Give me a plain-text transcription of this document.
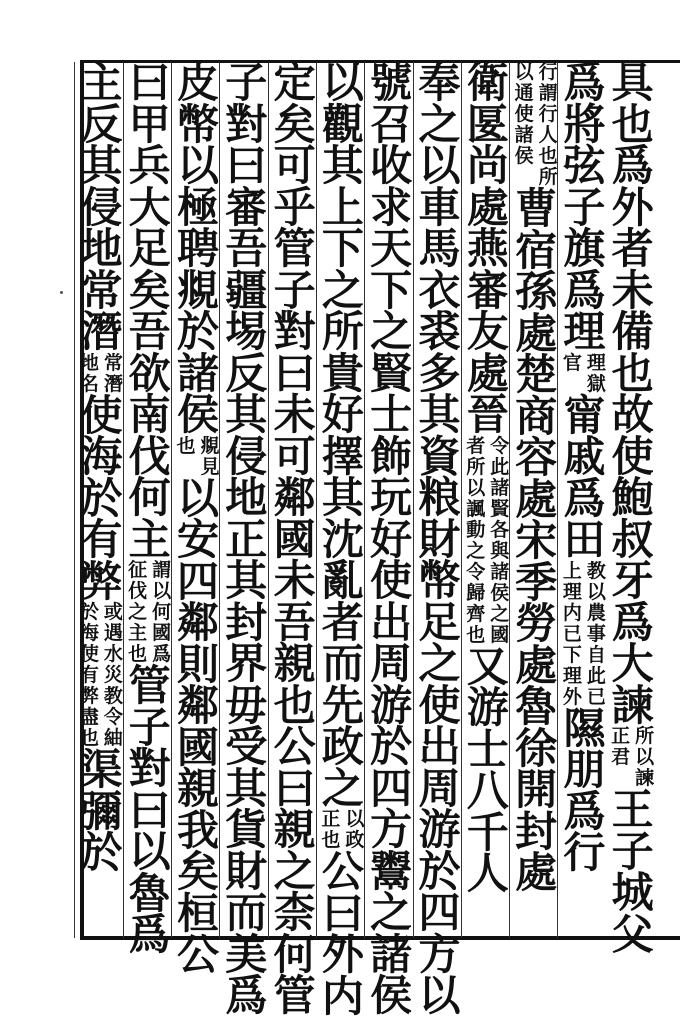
具
也
爲
外
者
未
備
也
故
使
鮑
叔
牙
爲
大
諫
所
以
諫
正
君
王
子
城
父
爲
將
弦
子
旗
爲
理
理
獄
官
甯
戚
爲
田
教
以
農
事
自
此
已
上
理
内
已
下
理
外
隰
朋
爲
行
行
謂
行
人
也
所
以
通
使
諸
侯
曹
宿
孫
處
楚
商
容
處
宋
季
勞
處
魯
徐
開
封
處
衛
匽
尚
處
燕
審
友
處
晉
令
此
諸
賢
各
與
諸
侯
之
國
者
所
以
諷
動
之
令
歸
齊
也
又
游
士
八
千
人
奉
之
以
車
馬
衣
裘
多
其
資
粮
財
幣
足
之
使
出
周
游
於
四
方
以
號
召
收
求
天
下
之
賢
士
飾
玩
好
使
出
周
游
於
四
方
鬻
之
諸
侯
以
觀
其
上
下
之
所
貴
好
擇
其
沈
亂
者
而
先
政
之
以
政
正
也
公
曰
外
内
定
矣
可
乎
管
子
對
曰
未
可
鄰
國
未
吾
親
也
公
曰
親
之
柰
何
管
子
對
曰
審
吾
疆
埸
反
其
侵
地
正
其
封
界
毋
受
其
貨
財
而
美
爲
皮
幣
以
極
聘
覜
於
諸
侯
覜
見
也
以
安
四
鄰
則
鄰
國
親
我
矣
桓
公
曰
甲
兵
大
足
矣
吾
欲
南
伐
何
主
謂
以
何
國
爲
征
伐
之
主
也
管
子
對
曰
以
魯
爲
主
反
其
侵
地
常
潛
常
潛
地
名
使
海
於
有
弊
或
遇
水
災
教
令
紬
於
海
使
有
弊
盡
也
渠
彌
於
